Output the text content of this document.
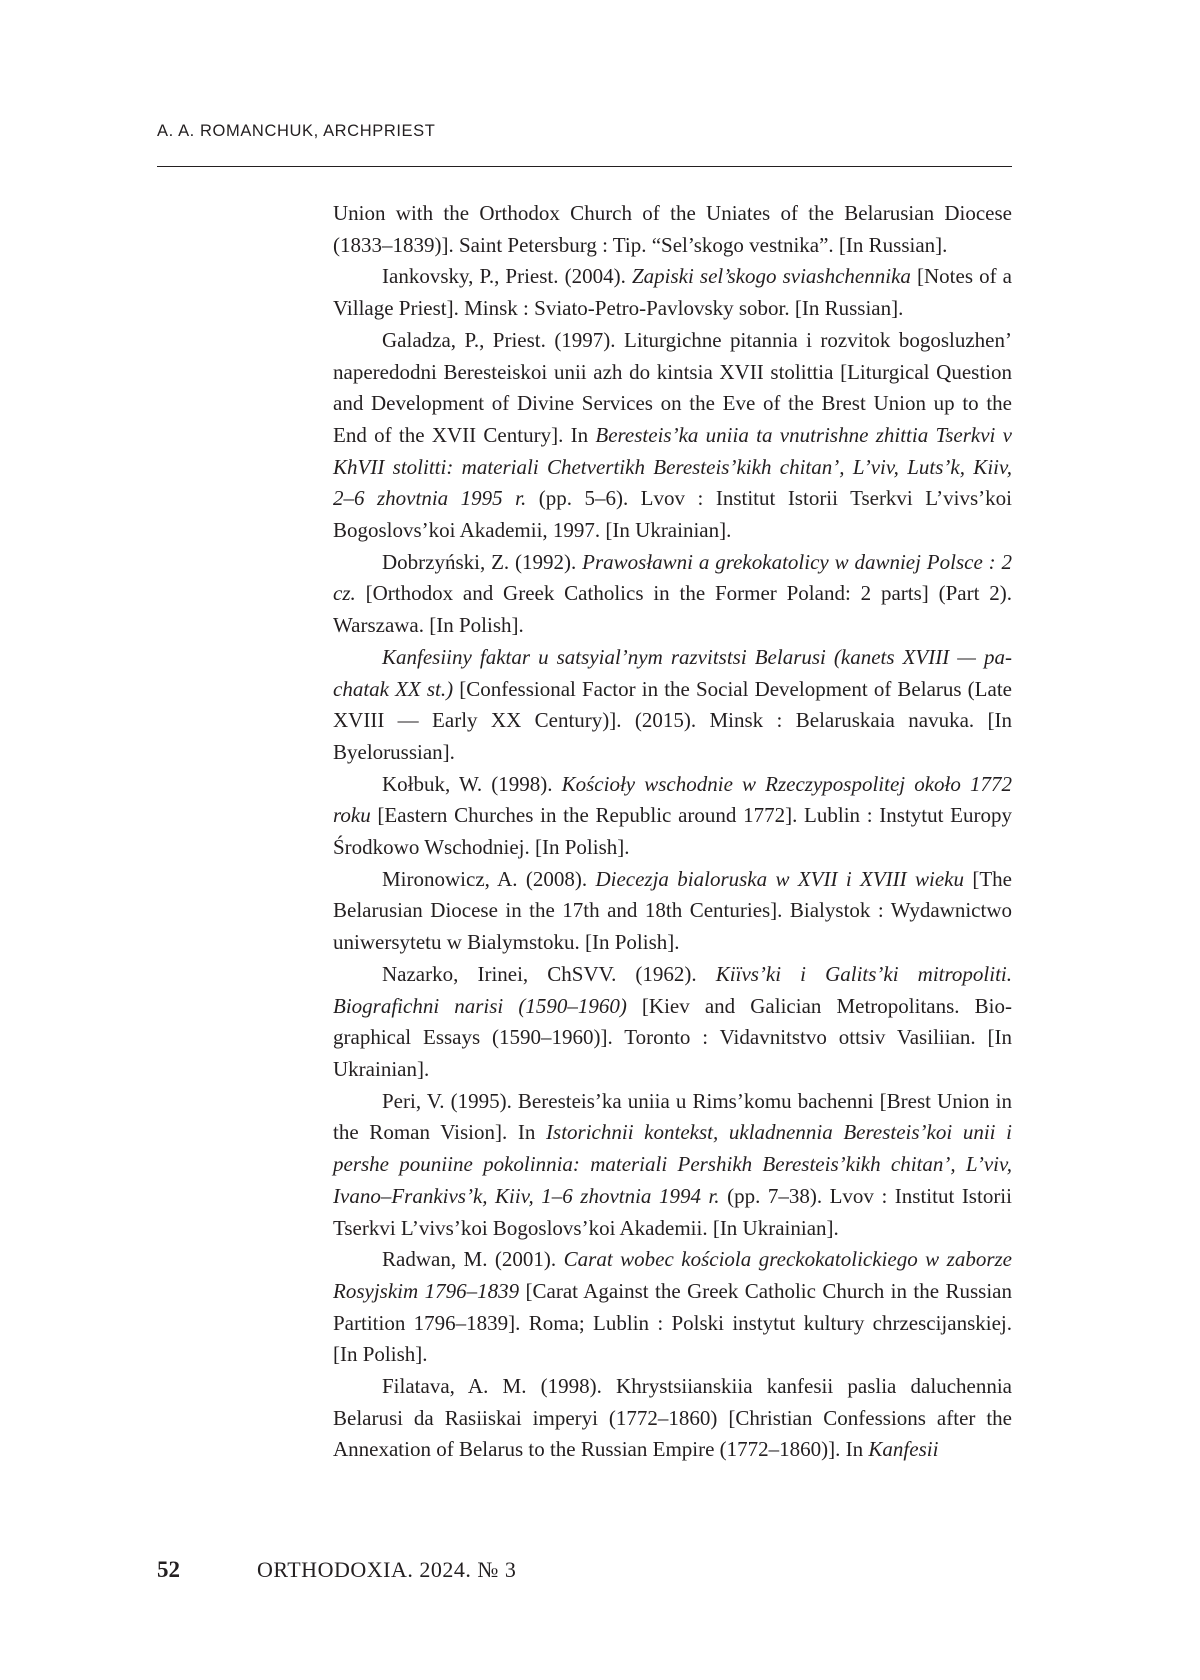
A. A. ROMANCHUK, ARCHPRIEST

Union with the Orthodox Church of the Uniates of the Belarusian Diocese (1833–1839)]. Saint Petersburg : Tip. “Sel’skogo vestnika”. [In Russian].

Iankovsky, P., Priest. (2004). Zapiski sel’skogo sviashchennika [Notes of a Village Priest]. Minsk : Sviato-Petro-Pavlovsky sobor. [In Russian].

Galadza, P., Priest. (1997). Liturgichne pitannia i rozvitok bogosluzhen’ naperedodni Beresteiskoi unii azh do kintsia XVII stolittia [Liturgical Question and Development of Divine Services on the Eve of the Brest Union up to the End of the XVII Century]. In Beresteis’ka uniia ta vnutrishne zhittia Tserkvi v KhVII stolitti: materiali Chetvertikh Beresteis’kikh chitan’, L’viv, Luts’k, Kiiv, 2–6 zhovtnia 1995 r. (pp. 5–6). Lvov : Institut Istorii Tserkvi L’vivs’koi Bogoslovs’koi Akademii, 1997. [In Ukrainian].

Dobrzyński, Z. (1992). Prawosławni a grekokatolicy w dawniej Polsce : 2 cz. [Orthodox and Greek Catholics in the Former Poland: 2 parts] (Part 2). Warszawa. [In Polish].

Kanfesiiny faktar u satsyial’nym razvitstsi Belarusi (kanets XVIII — pachatak XX st.) [Confessional Factor in the Social Development of Belarus (Late XVIII — Early XX Century)]. (2015). Minsk : Belaruskaia navuka. [In Byelorussian].

Kołbuk, W. (1998). Kościoły wschodnie w Rzeczypospolitej około 1772 roku [Eastern Churches in the Republic around 1772]. Lublin : Instytut Europy Środkowo Wschodniej. [In Polish].

Mironowicz, A. (2008). Diecezja bialoruska w XVII i XVIII wieku [The Belarusian Diocese in the 17th and 18th Centuries]. Bialystok : Wydawnictwo uniwersytetu w Bialymstoku. [In Polish].

Nazarko, Irinei, ChSVV. (1962). Kiïvs’ki i Galits’ki mitropoliti. Biografichni narisi (1590–1960) [Kiev and Galician Metropolitans. Biographical Essays (1590–1960)]. Toronto : Vidavnitstvo ottsiv Vasiliian. [In Ukrainian].

Peri, V. (1995). Beresteis’ka uniia u Rims’komu bachenni [Brest Union in the Roman Vision]. In Istorichnii kontekst, ukladnennia Beresteis’koi unii i pershe pouniine pokolinnia: materiali Pershikh Beresteis’kikh chitan’, L’viv, Ivano–Frankivs’k, Kiiv, 1–6 zhovtnia 1994 r. (pp. 7–38). Lvov : Institut Istorii Tserkvi L’vivs’koi Bogoslovs’koi Akademii. [In Ukrainian].

Radwan, M. (2001). Carat wobec kościola greckokatolickiego w zaborze Rosyjskim 1796–1839 [Carat Against the Greek Catholic Church in the Russian Partition 1796–1839]. Roma; Lublin : Polski instytut kultury chrzescijanskiej. [In Polish].

Filatava, A. M. (1998). Khrystsiianskiia kanfesii paslia daluchennia Belarusi da Rasiiskai imperyi (1772–1860) [Christian Confessions after the Annexation of Belarus to the Russian Empire (1772–1860)]. In Kanfesii

52	ORTHODOXIA. 2024. № 3
